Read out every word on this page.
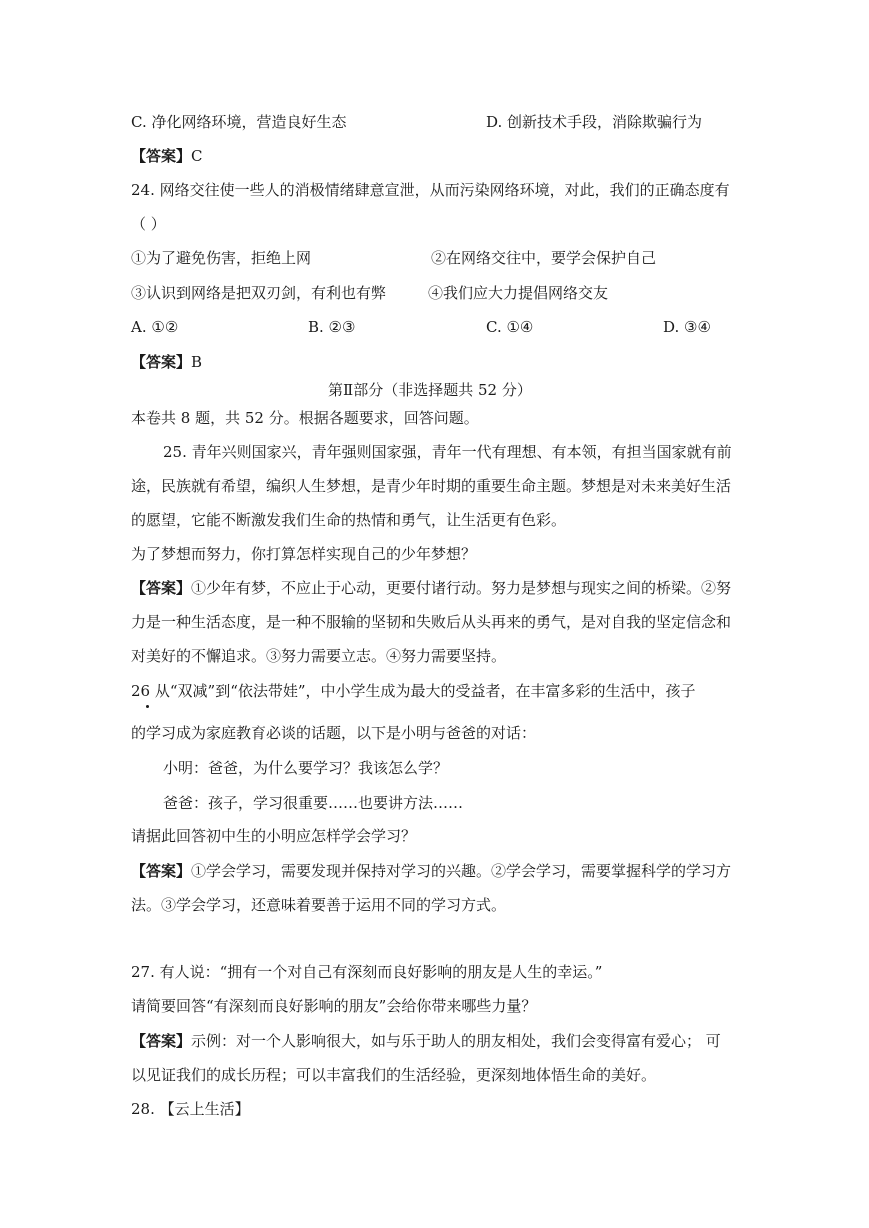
C. 净化网络环境，营造良好生态	D. 创新技术手段，消除欺骗行为
【答案】C
24. 网络交往使一些人的消极情绪肆意宣泄，从而污染网络环境，对此，我们的正确态度有
（ ）
①为了避免伤害，拒绝上网	②在网络交往中，要学会保护自己
③认识到网络是把双刃剑，有利也有弊	④我们应大力提倡网络交友
A. ①②	B. ②③	C. ①④	D. ③④
【答案】B
第Ⅱ部分（非选择题共 52 分）
本卷共 8 题，共 52 分。根据各题要求，回答问题。
25. 青年兴则国家兴，青年强则国家强，青年一代有理想、有本领，有担当国家就有前
途，民族就有希望，编织人生梦想，是青少年时期的重要生命主题。梦想是对未来美好生活
的愿望，它能不断激发我们生命的热情和勇气，让生活更有色彩。
为了梦想而努力，你打算怎样实现自己的少年梦想？
【答案】①少年有梦，不应止于心动，更要付诸行动。努力是梦想与现实之间的桥梁。②努
力是一种生活态度，是一种不服输的坚韧和失败后从头再来的勇气，是对自我的坚定信念和
对美好的不懈追求。③努力需要立志。④努力需要坚持。
26 从“双减”到“依法带娃”，中小学生成为最大的受益者，在丰富多彩的生活中，孩子
的学习成为家庭教育必谈的话题，以下是小明与爸爸的对话：
小明：爸爸，为什么要学习？我该怎么学？
爸爸：孩子，学习很重要……也要讲方法……
请据此回答初中生的小明应怎样学会学习？
【答案】①学会学习，需要发现并保持对学习的兴趣。②学会学习，需要掌握科学的学习方
法。③学会学习，还意味着要善于运用不同的学习方式。
27. 有人说：“拥有一个对自己有深刻而良好影响的朋友是人生的幸运。”
请简要回答“有深刻而良好影响的朋友”会给你带来哪些力量？
【答案】示例：对一个人影响很大，如与乐于助人的朋友相处，我们会变得富有爱心； 可
以见证我们的成长历程；可以丰富我们的生活经验，更深刻地体悟生命的美好。
28. 【云上生活】
